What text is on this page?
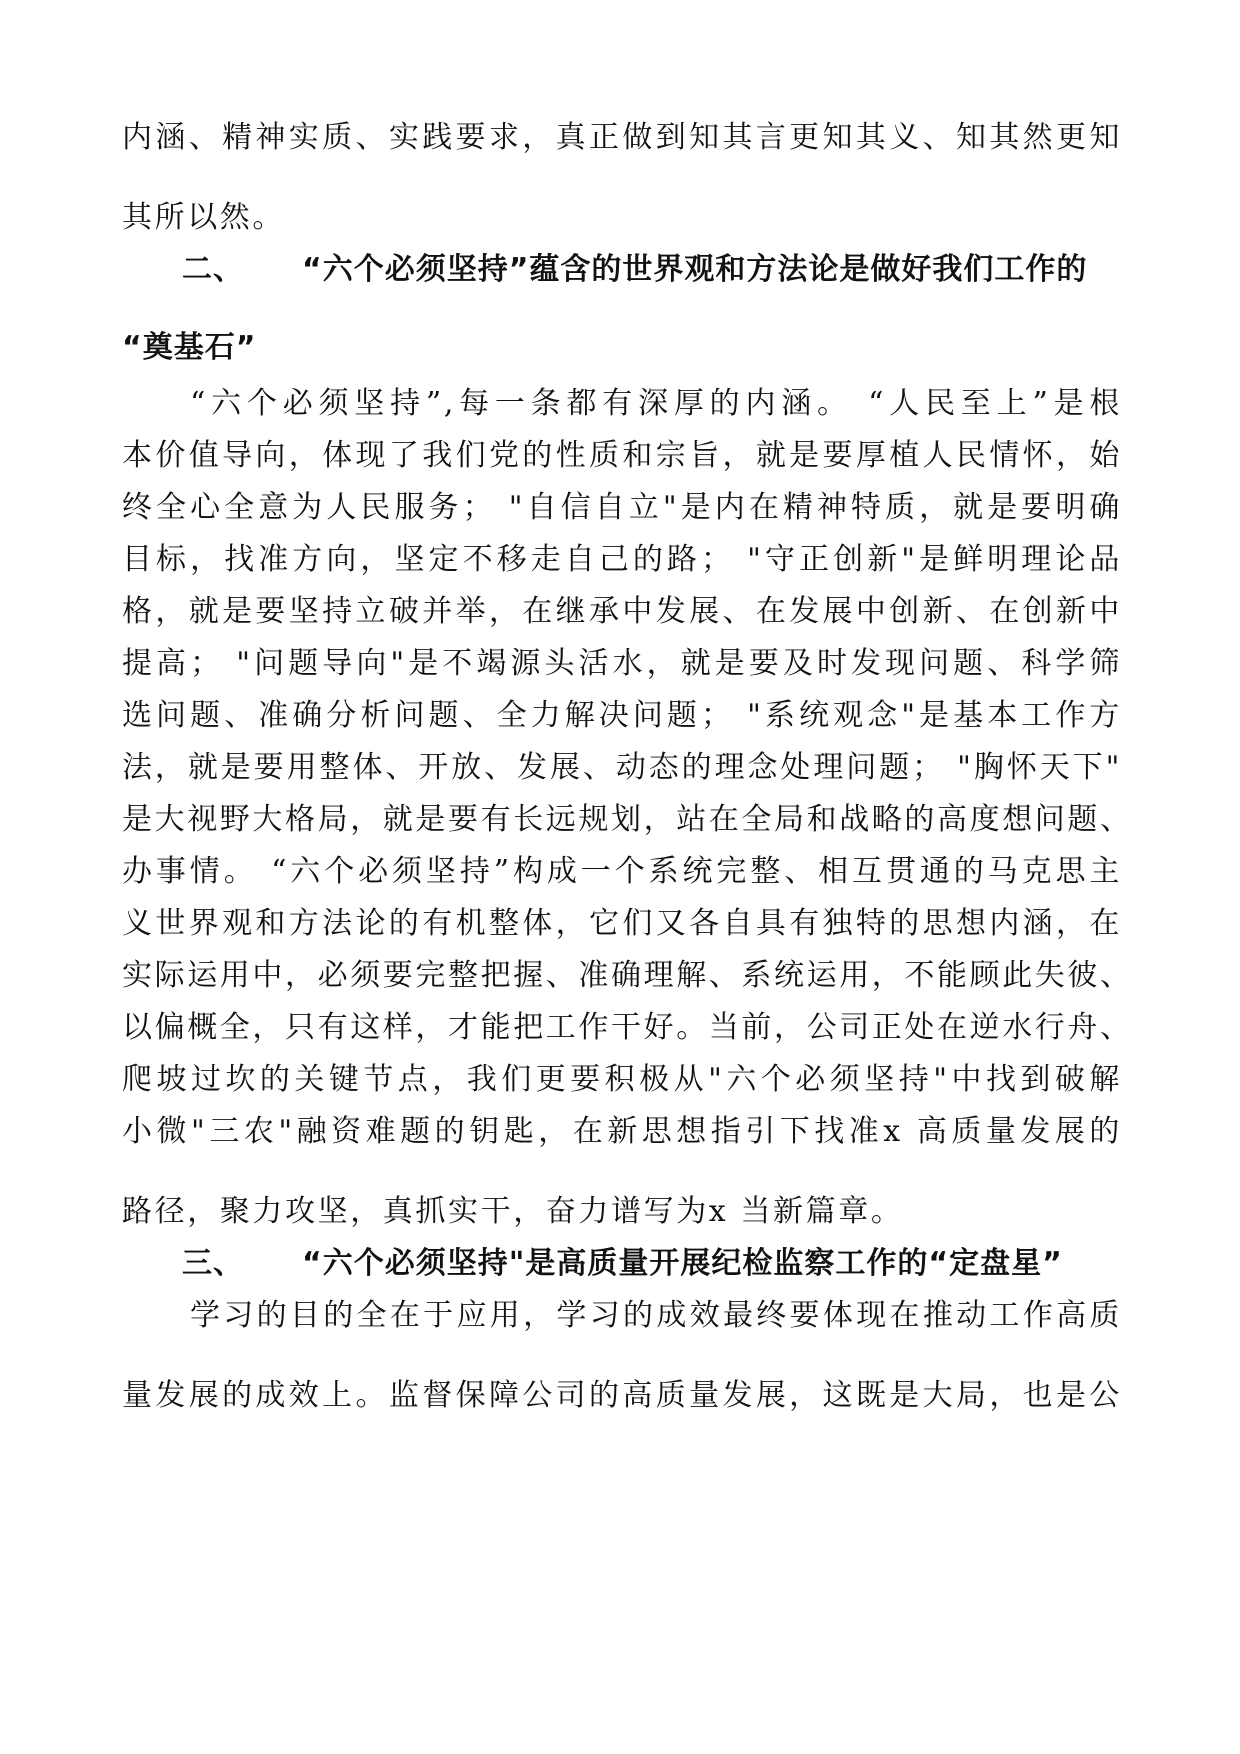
内涵、精神实质、实践要求，真正做到知其言更知其义、知其然更知
其所以然。
二、 “六个必须坚持”蕴含的世界观和方法论是做好我们工作的
“奠基石”
“六个必须坚持”,每一条都有深厚的内涵。 “人民至上”是根
本价值导向，体现了我们党的性质和宗旨，就是要厚植人民情怀，始
终全心全意为人民服务； "自信自立"是内在精神特质，就是要明确
目标，找准方向，坚定不移走自己的路； "守正创新"是鲜明理论品
格，就是要坚持立破并举，在继承中发展、在发展中创新、在创新中
提高； "问题导向"是不竭源头活水，就是要及时发现问题、科学筛
选问题、准确分析问题、全力解决问题； "系统观念"是基本工作方
法，就是要用整体、开放、发展、动态的理念处理问题； "胸怀天下"
是大视野大格局，就是要有长远规划，站在全局和战略的高度想问题、
办事情。 “六个必须坚持”构成一个系统完整、相互贯通的马克思主
义世界观和方法论的有机整体，它们又各自具有独特的思想内涵，在
实际运用中，必须要完整把握、准确理解、系统运用，不能顾此失彼、
以偏概全，只有这样，才能把工作干好。当前，公司正处在逆水行舟、
爬坡过坎的关键节点，我们更要积极从"六个必须坚持"中找到破解
小微"三农"融资难题的钥匙，在新思想指引下找准x 高质量发展的
路径，聚力攻坚，真抓实干，奋力谱写为x 当新篇章。
三、 “六个必须坚持"是高质量开展纪检监察工作的“定盘星”
学习的目的全在于应用，学习的成效最终要体现在推动工作高质
量发展的成效上。监督保障公司的高质量发展，这既是大局，也是公
